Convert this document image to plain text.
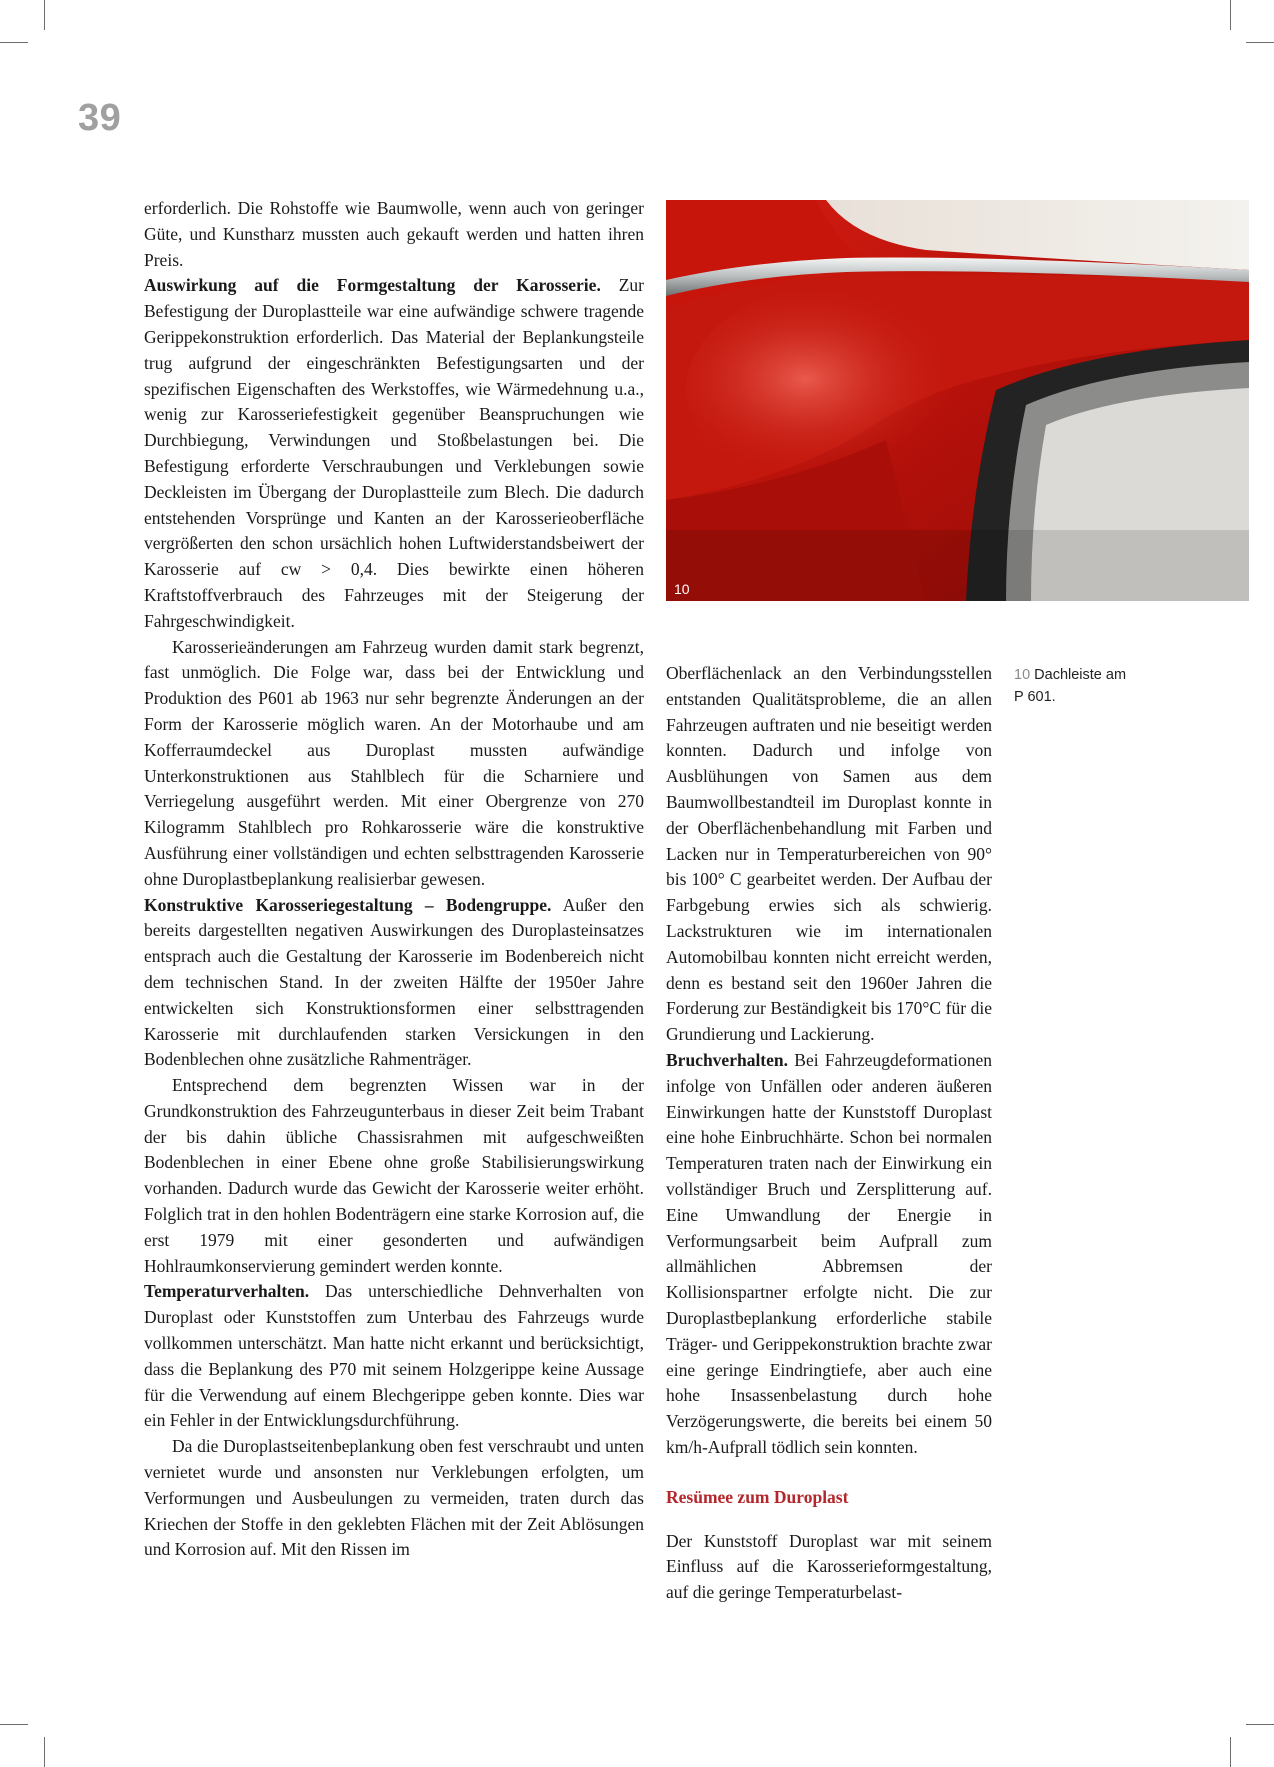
39

erforderlich. Die Rohstoffe wie Baumwolle, wenn auch von geringer Güte, und Kunstharz mussten auch gekauft werden und hatten ihren Preis.

Auswirkung auf die Formgestaltung der Karosserie. Zur Befestigung der Duroplastteile war eine aufwändige schwere tragende Gerippekonstruktion erforderlich. Das Material der Beplankungsteile trug aufgrund der eingeschränkten Befestigungsarten und der spezifischen Eigenschaften des Werkstoffes, wie Wärmedehnung u.a., wenig zur Karosseriefestigkeit gegenüber Beanspruchungen wie Durchbiegung, Verwindungen und Stoßbelastungen bei. Die Befestigung erforderte Verschraubungen und Verklebungen sowie Deckleisten im Übergang der Duroplastteile zum Blech. Die dadurch entstehenden Vorsprünge und Kanten an der Karosserieoberfläche vergrößerten den schon ursächlich hohen Luftwiderstandsbeiwert der Karosserie auf cw > 0,4. Dies bewirkte einen höheren Kraftstoffverbrauch des Fahrzeuges mit der Steigerung der Fahrgeschwindigkeit.

Karosserieänderungen am Fahrzeug wurden damit stark begrenzt, fast unmöglich. Die Folge war, dass bei der Entwicklung und Produktion des P601 ab 1963 nur sehr begrenzte Änderungen an der Form der Karosserie möglich waren. An der Motorhaube und am Kofferraumdeckel aus Duroplast mussten aufwändige Unterkonstruktionen aus Stahlblech für die Scharniere und Verriegelung ausgeführt werden. Mit einer Obergrenze von 270 Kilogramm Stahlblech pro Rohkarosserie wäre die konstruktive Ausführung einer vollständigen und echten selbsttragenden Karosserie ohne Duroplastbeplankung realisierbar gewesen.

Konstruktive Karosseriegestaltung – Bodengruppe. Außer den bereits dargestellten negativen Auswirkungen des Duroplasteinsatzes entsprach auch die Gestaltung der Karosserie im Bodenbereich nicht dem technischen Stand. In der zweiten Hälfte der 1950er Jahre entwickelten sich Konstruktionsformen einer selbsttragenden Karosserie mit durchlaufenden starken Versickungen in den Bodenblechen ohne zusätzliche Rahmenträger.

Entsprechend dem begrenzten Wissen war in der Grundkonstruktion des Fahrzeugunterbaus in dieser Zeit beim Trabant der bis dahin übliche Chassisrahmen mit aufgeschweißten Bodenblechen in einer Ebene ohne große Stabilisierungswirkung vorhanden. Dadurch wurde das Gewicht der Karosserie weiter erhöht. Folglich trat in den hohlen Bodenträgern eine starke Korrosion auf, die erst 1979 mit einer gesonderten und aufwändigen Hohlraumkonservierung gemindert werden konnte.

Temperaturverhalten. Das unterschiedliche Dehnverhalten von Duroplast oder Kunststoffen zum Unterbau des Fahrzeugs wurde vollkommen unterschätzt. Man hatte nicht erkannt und berücksichtigt, dass die Beplankung des P70 mit seinem Holzgerippe keine Aussage für die Verwendung auf einem Blechgerippe geben konnte. Dies war ein Fehler in der Entwicklungsdurchführung.

Da die Duroplastseitenbeplankung oben fest verschraubt und unten vernietet wurde und ansonsten nur Verklebungen erfolgten, um Verformungen und Ausbeulungen zu vermeiden, traten durch das Kriechen der Stoffe in den geklebten Flächen mit der Zeit Ablösungen und Korrosion auf. Mit den Rissen im

10

Oberflächenlack an den Verbindungsstellen entstanden Qualitätsprobleme, die an allen Fahrzeugen auftraten und nie beseitigt werden konnten. Dadurch und infolge von Ausblühungen von Samen aus dem Baumwollbestandteil im Duroplast konnte in der Oberflächenbehandlung mit Farben und Lacken nur in Temperaturbereichen von 90° bis 100° C gearbeitet werden. Der Aufbau der Farbgebung erwies sich als schwierig. Lackstrukturen wie im internationalen Automobilbau konnten nicht erreicht werden, denn es bestand seit den 1960er Jahren die Forderung zur Beständigkeit bis 170°C für die Grundierung und Lackierung.

Bruchverhalten. Bei Fahrzeugdeformationen infolge von Unfällen oder anderen äußeren Einwirkungen hatte der Kunststoff Duroplast eine hohe Einbruchhärte. Schon bei normalen Temperaturen traten nach der Einwirkung ein vollständiger Bruch und Zersplitterung auf. Eine Umwandlung der Energie in Verformungsarbeit beim Aufprall zum allmählichen Abbremsen der Kollisionspartner erfolgte nicht. Die zur Duroplastbeplankung erforderliche stabile Träger- und Gerippekonstruktion brachte zwar eine geringe Eindringtiefe, aber auch eine hohe Insassenbelastung durch hohe Verzögerungswerte, die bereits bei einem 50 km/h-Aufprall tödlich sein konnten.

Resümee zum Duroplast

Der Kunststoff Duroplast war mit seinem Einfluss auf die Karosserieformgestaltung, auf die geringe Temperaturbelast-

10 Dachleiste am P 601.
